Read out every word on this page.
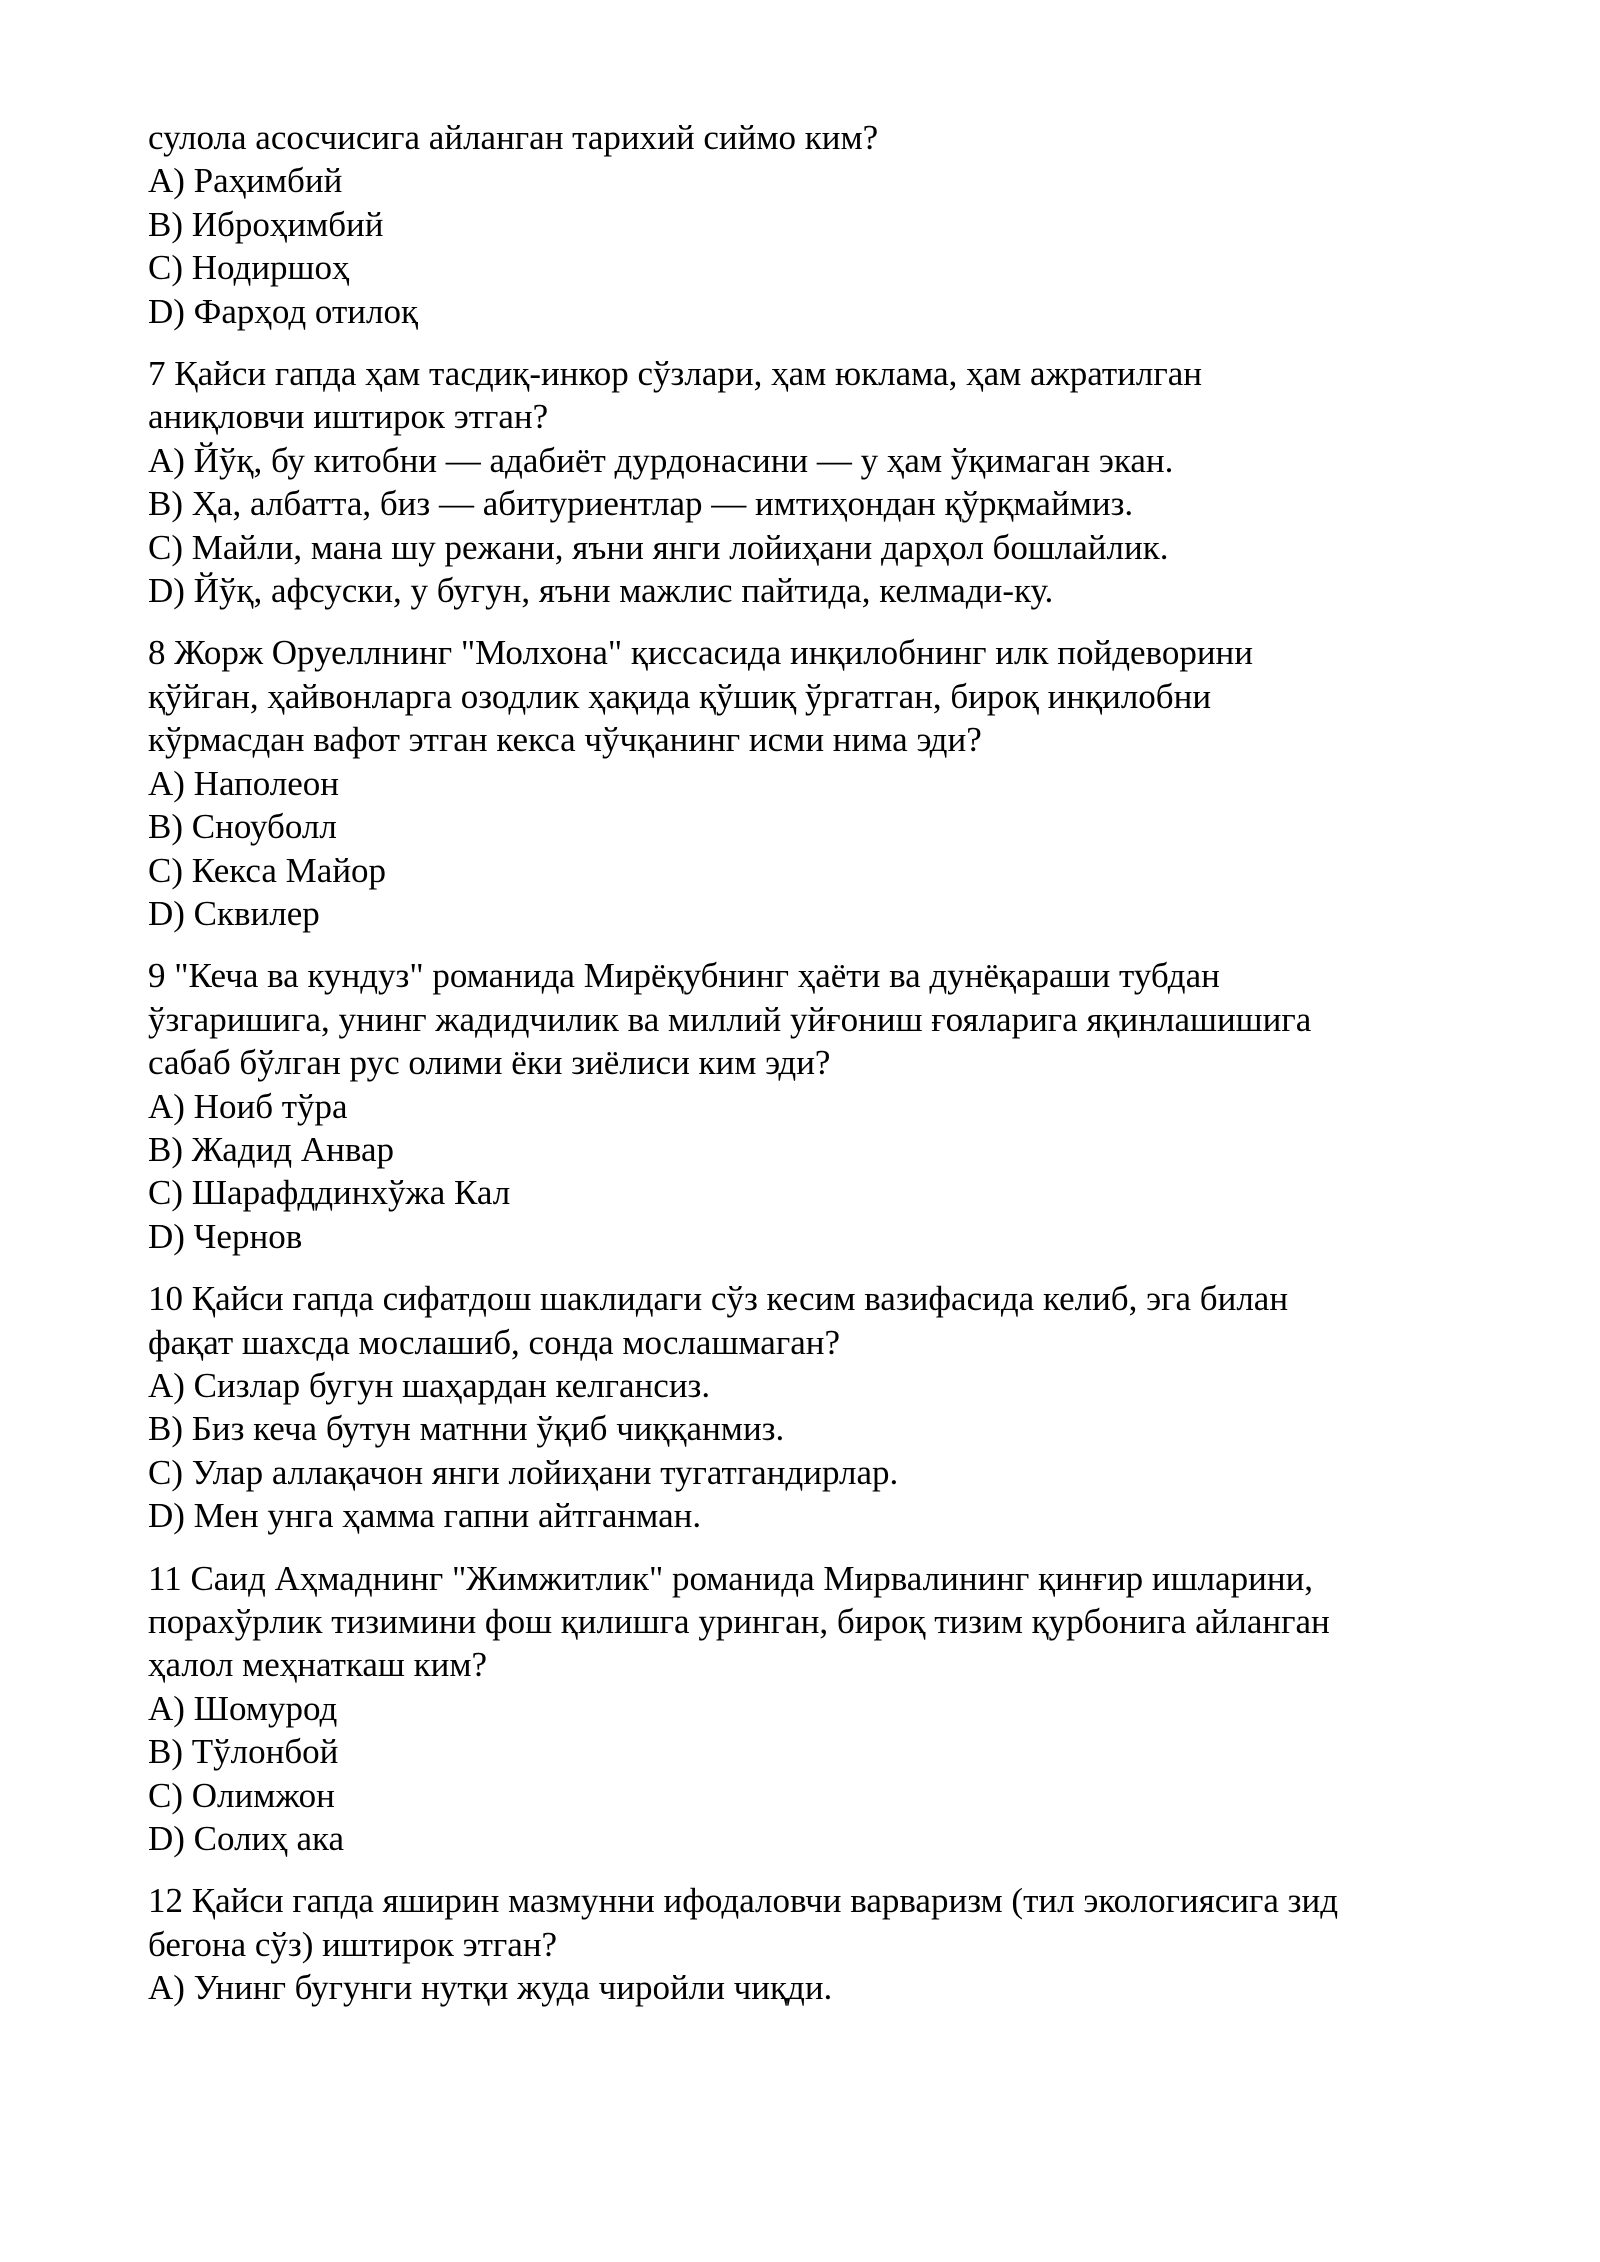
сулола асосчисига айланган тарихий сиймо ким?
A) Раҳимбий
B) Иброҳимбий
C) Нодиршоҳ
D) Фарҳод отилоқ
7 Қайси гапда ҳам тасдиқ-инкор сўзлари, ҳам юклама, ҳам ажратилган
аниқловчи иштирок этган?
A) Йўқ, бу китобни — адабиёт дурдонасини — у ҳам ўқимаган экан.
B) Ҳа, албатта, биз — абитуриентлар — имтиҳондан қўрқмаймиз.
C) Майли, мана шу режани, яъни янги лойиҳани дарҳол бошлайлик.
D) Йўқ, афсуски, у бугун, яъни мажлис пайтида, келмади-ку.
8 Жорж Оруеллнинг "Молхона" қиссасида инқилобнинг илк пойдеворини
қўйган, ҳайвонларга озодлик ҳақида қўшиқ ўргатган, бироқ инқилобни
кўрмасдан вафот этган кекса чўчқанинг исми нима эди?
A) Наполеон
B) Сноуболл
C) Кекса Майор
D) Сквилер
9 "Кеча ва кундуз" романида Мирёқубнинг ҳаёти ва дунёқараши тубдан
ўзгаришига, унинг жадидчилик ва миллий уйғониш ғояларига яқинлашишига
сабаб бўлган рус олими ёки зиёлиси ким эди?
A) Ноиб тўра
B) Жадид Анвар
C) Шарафддинхўжа Кал
D) Чернов
10 Қайси гапда сифатдош шаклидаги сўз кесим вазифасида келиб, эга билан
фақат шахсда мослашиб, сонда мослашмаган?
A) Сизлар бугун шаҳардан келгансиз.
B) Биз кеча бутун матнни ўқиб чиққанмиз.
C) Улар аллақачон янги лойиҳани тугатгандирлар.
D) Мен унга ҳамма гапни айтганман.
11 Саид Аҳмаднинг "Жимжитлик" романида Мирвалининг қинғир ишларини,
порахўрлик тизимини фош қилишга уринган, бироқ тизим қурбонига айланган
ҳалол меҳнаткаш ким?
A) Шомурод
B) Тўлонбой
C) Олимжон
D) Солиҳ ака
12 Қайси гапда яширин мазмунни ифодаловчи варваризм (тил экологиясига зид
бегона сўз) иштирок этган?
A) Унинг бугунги нутқи жуда чиройли чиқди.
